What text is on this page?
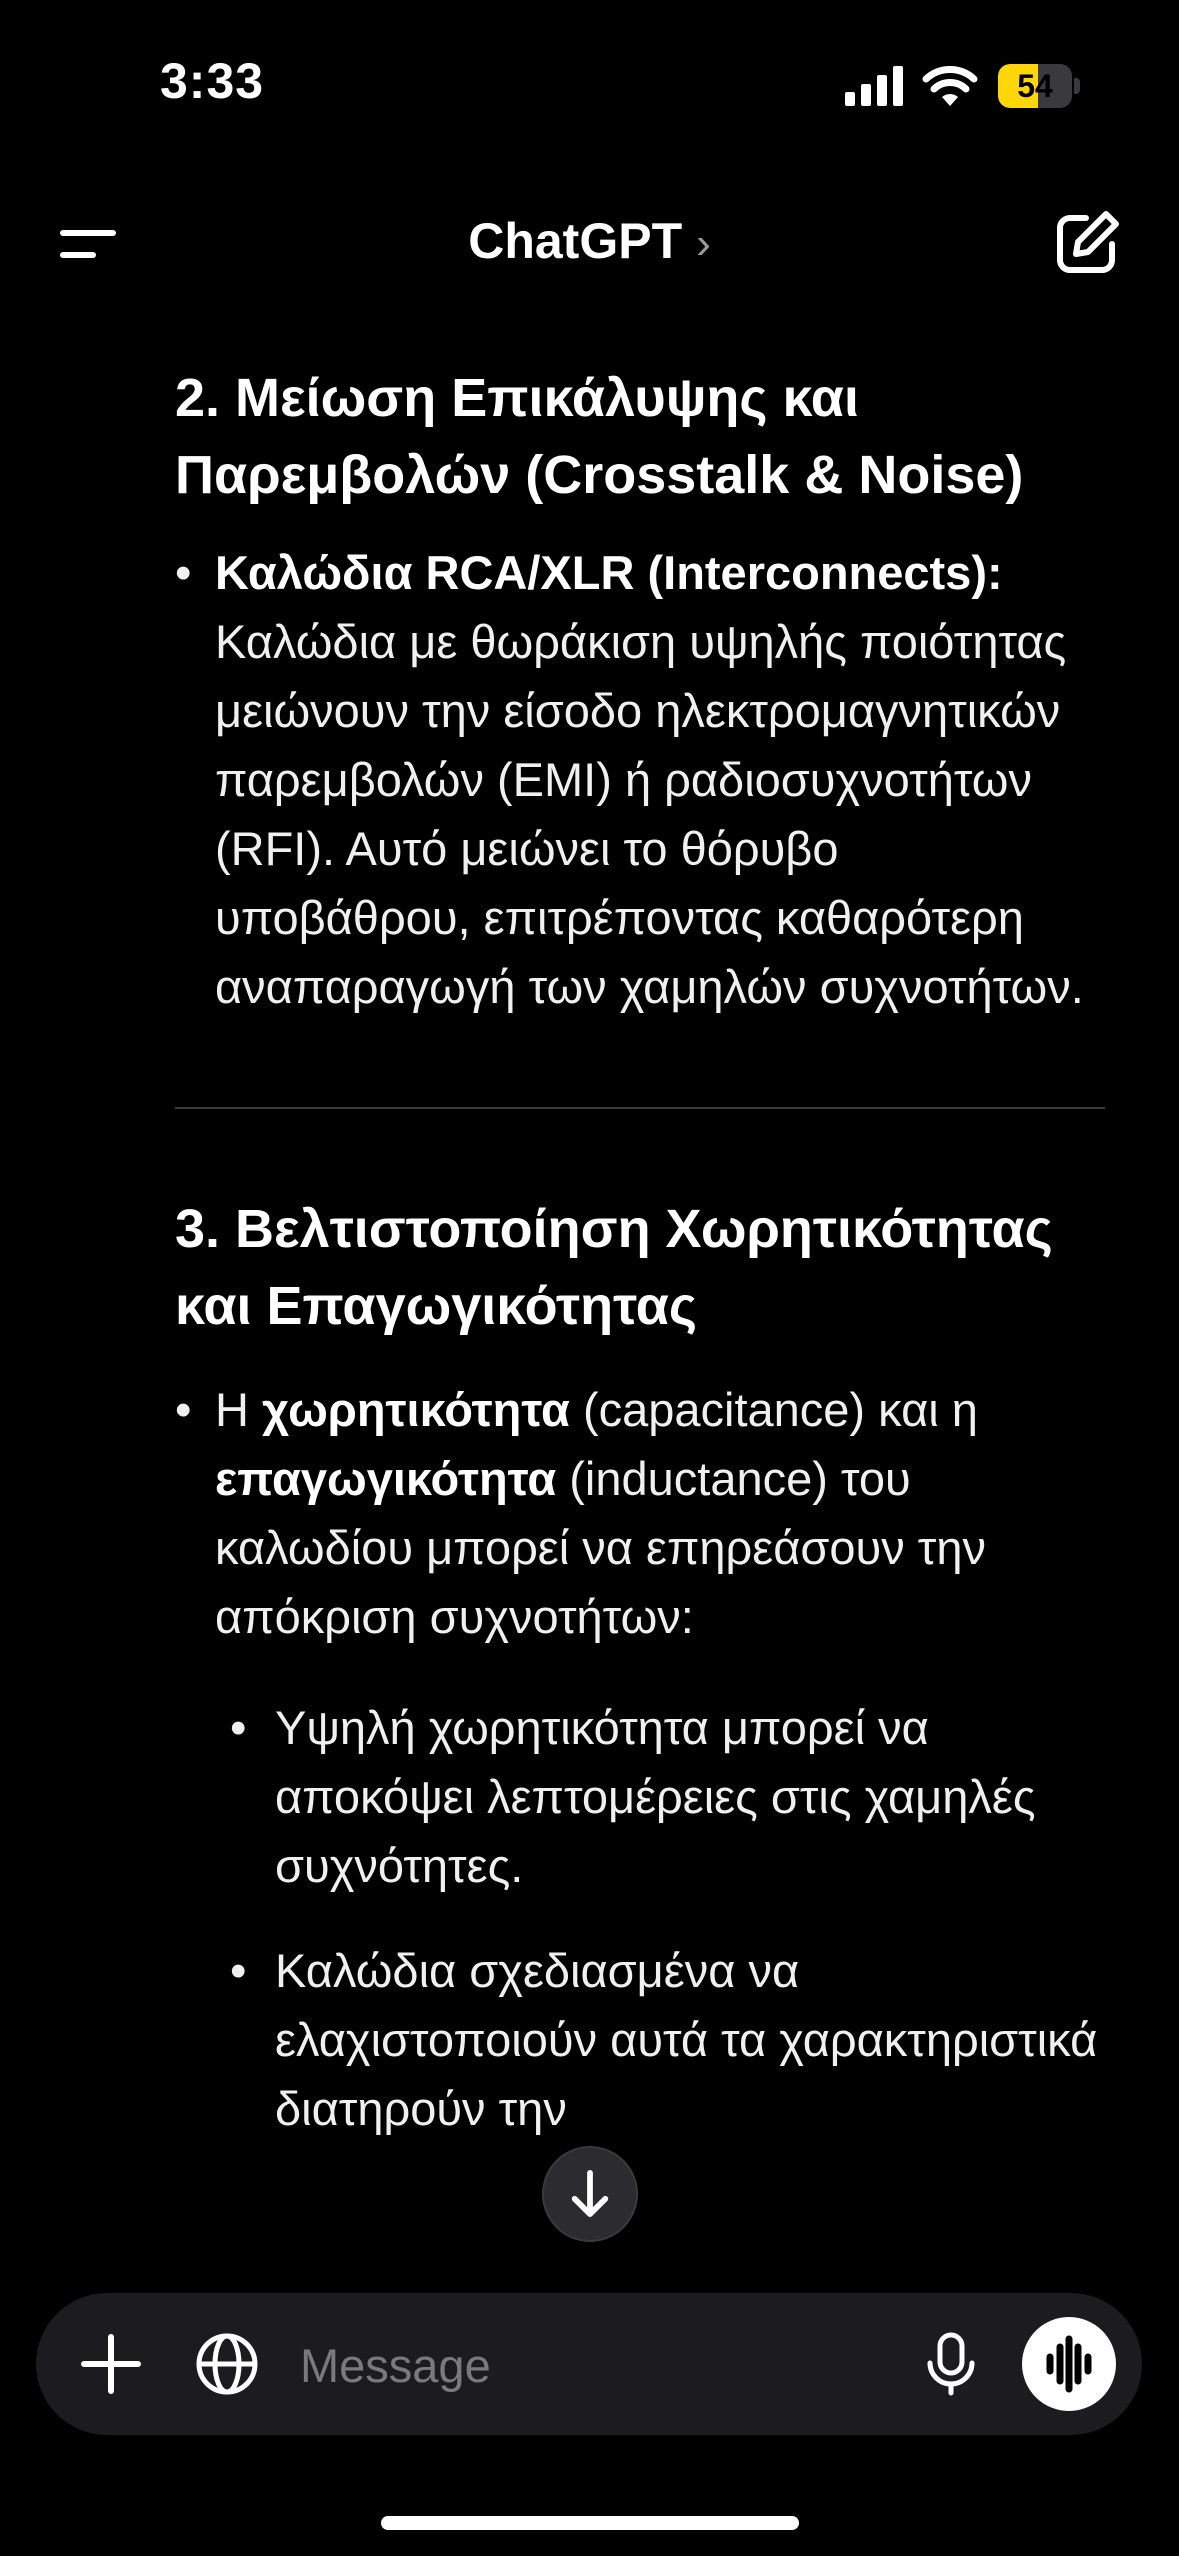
3:33	54
ChatGPT ›
2. Μείωση Επικάλυψης και Παρεμβολών (Crosstalk & Noise)
• Καλώδια RCA/XLR (Interconnects):
Καλώδια με θωράκιση υψηλής ποιότητας μειώνουν την είσοδο ηλεκτρομαγνητικών παρεμβολών (EMI) ή ραδιοσυχνοτήτων (RFI). Αυτό μειώνει το θόρυβο υποβάθρου, επιτρέποντας καθαρότερη αναπαραγωγή των χαμηλών συχνοτήτων.
3. Βελτιστοποίηση Χωρητικότητας και Επαγωγικότητας
• Η χωρητικότητα (capacitance) και η επαγωγικότητα (inductance) του καλωδίου μπορεί να επηρεάσουν την απόκριση συχνοτήτων:
• Υψηλή χωρητικότητα μπορεί να αποκόψει λεπτομέρειες στις χαμηλές συχνότητες.
• Καλώδια σχεδιασμένα να ελαχιστοποιούν αυτά τα χαρακτηριστικά διατηρούν την
Message
